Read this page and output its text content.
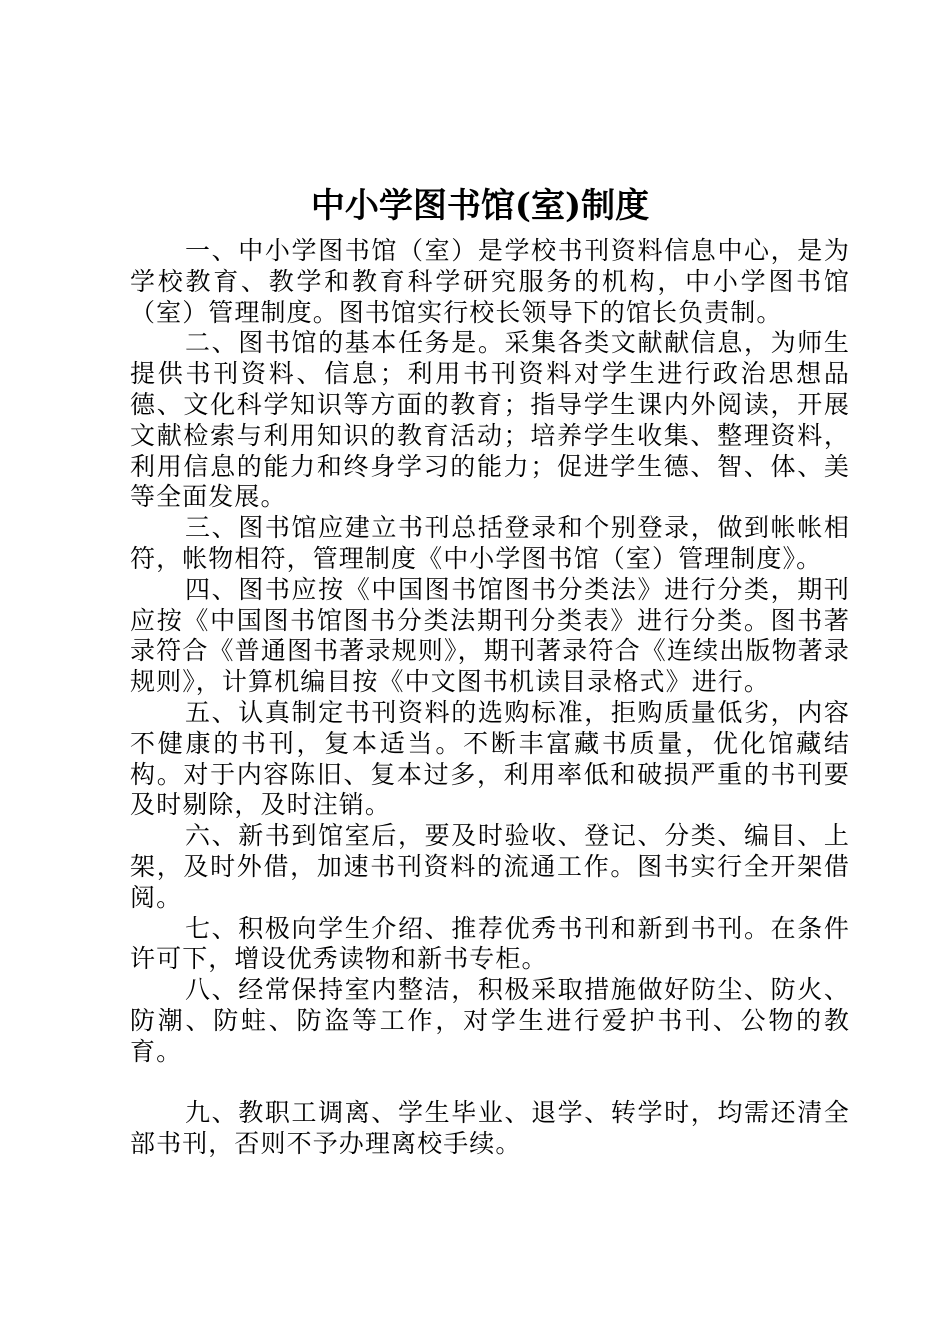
中小学图书馆(室)制度

一、中小学图书馆（室）是学校书刊资料信息中心，是为学校教育、教学和教育科学研究服务的机构，中小学图书馆（室）管理制度。图书馆实行校长领导下的馆长负责制。

二、图书馆的基本任务是。采集各类文献献信息，为师生提供书刊资料、信息；利用书刊资料对学生进行政治思想品德、文化科学知识等方面的教育；指导学生课内外阅读，开展文献检索与利用知识的教育活动；培养学生收集、整理资料，利用信息的能力和终身学习的能力；促进学生德、智、体、美等全面发展。

三、图书馆应建立书刊总括登录和个别登录，做到帐帐相符，帐物相符，管理制度《中小学图书馆（室）管理制度》。

四、图书应按《中国图书馆图书分类法》进行分类，期刊应按《中国图书馆图书分类法期刊分类表》进行分类。图书著录符合《普通图书著录规则》，期刊著录符合《连续出版物著录规则》，计算机编目按《中文图书机读目录格式》进行。

五、认真制定书刊资料的选购标准，拒购质量低劣，内容不健康的书刊，复本适当。不断丰富藏书质量，优化馆藏结构。对于内容陈旧、复本过多，利用率低和破损严重的书刊要及时剔除，及时注销。

六、新书到馆室后，要及时验收、登记、分类、编目、上架，及时外借，加速书刊资料的流通工作。图书实行全开架借阅。

七、积极向学生介绍、推荐优秀书刊和新到书刊。在条件许可下，增设优秀读物和新书专柜。

八、经常保持室内整洁，积极采取措施做好防尘、防火、防潮、防蛀、防盗等工作，对学生进行爱护书刊、公物的教育。

九、教职工调离、学生毕业、退学、转学时，均需还清全部书刊，否则不予办理离校手续。
